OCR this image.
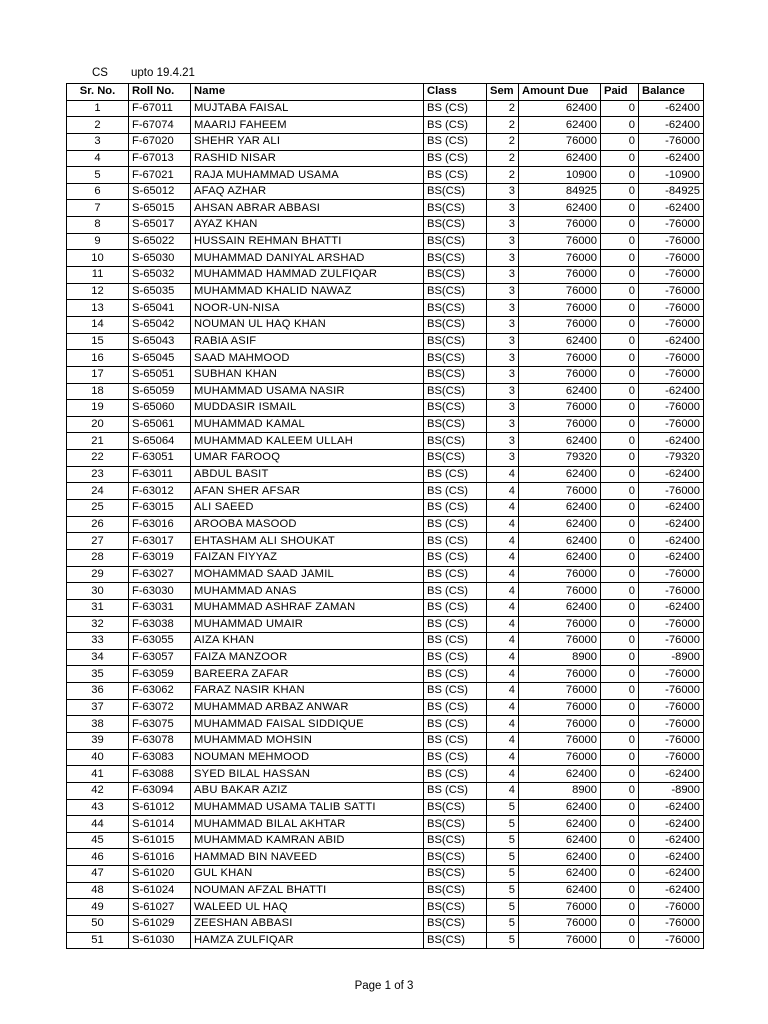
CS upto 19.4.21
Sr. No.	Roll No.	Name	Class	Sem	Amount Due	Paid	Balance
1	F-67011	MUJTABA FAISAL	BS (CS)	2	62400	0	-62400
2	F-67074	MAARIJ FAHEEM	BS (CS)	2	62400	0	-62400
3	F-67020	SHEHR YAR ALI	BS (CS)	2	76000	0	-76000
4	F-67013	RASHID NISAR	BS (CS)	2	62400	0	-62400
5	F-67021	RAJA MUHAMMAD USAMA	BS (CS)	2	10900	0	-10900
6	S-65012	AFAQ AZHAR	BS(CS)	3	84925	0	-84925
7	S-65015	AHSAN ABRAR ABBASI	BS(CS)	3	62400	0	-62400
8	S-65017	AYAZ KHAN	BS(CS)	3	76000	0	-76000
9	S-65022	HUSSAIN REHMAN BHATTI	BS(CS)	3	76000	0	-76000
10	S-65030	MUHAMMAD DANIYAL ARSHAD	BS(CS)	3	76000	0	-76000
11	S-65032	MUHAMMAD HAMMAD ZULFIQAR	BS(CS)	3	76000	0	-76000
12	S-65035	MUHAMMAD KHALID NAWAZ	BS(CS)	3	76000	0	-76000
13	S-65041	NOOR-UN-NISA	BS(CS)	3	76000	0	-76000
14	S-65042	NOUMAN UL HAQ KHAN	BS(CS)	3	76000	0	-76000
15	S-65043	RABIA ASIF	BS(CS)	3	62400	0	-62400
16	S-65045	SAAD MAHMOOD	BS(CS)	3	76000	0	-76000
17	S-65051	SUBHAN KHAN	BS(CS)	3	76000	0	-76000
18	S-65059	MUHAMMAD USAMA NASIR	BS(CS)	3	62400	0	-62400
19	S-65060	MUDDASIR ISMAIL	BS(CS)	3	76000	0	-76000
20	S-65061	MUHAMMAD KAMAL	BS(CS)	3	76000	0	-76000
21	S-65064	MUHAMMAD KALEEM ULLAH	BS(CS)	3	62400	0	-62400
22	F-63051	UMAR FAROOQ	BS(CS)	3	79320	0	-79320
23	F-63011	ABDUL BASIT	BS (CS)	4	62400	0	-62400
24	F-63012	AFAN SHER AFSAR	BS (CS)	4	76000	0	-76000
25	F-63015	ALI SAEED	BS (CS)	4	62400	0	-62400
26	F-63016	AROOBA MASOOD	BS (CS)	4	62400	0	-62400
27	F-63017	EHTASHAM ALI SHOUKAT	BS (CS)	4	62400	0	-62400
28	F-63019	FAIZAN FIYYAZ	BS (CS)	4	62400	0	-62400
29	F-63027	MOHAMMAD SAAD JAMIL	BS (CS)	4	76000	0	-76000
30	F-63030	MUHAMMAD ANAS	BS (CS)	4	76000	0	-76000
31	F-63031	MUHAMMAD ASHRAF ZAMAN	BS (CS)	4	62400	0	-62400
32	F-63038	MUHAMMAD UMAIR	BS (CS)	4	76000	0	-76000
33	F-63055	AIZA KHAN	BS (CS)	4	76000	0	-76000
34	F-63057	FAIZA MANZOOR	BS (CS)	4	8900	0	-8900
35	F-63059	BAREERA ZAFAR	BS (CS)	4	76000	0	-76000
36	F-63062	FARAZ NASIR KHAN	BS (CS)	4	76000	0	-76000
37	F-63072	MUHAMMAD ARBAZ ANWAR	BS (CS)	4	76000	0	-76000
38	F-63075	MUHAMMAD FAISAL SIDDIQUE	BS (CS)	4	76000	0	-76000
39	F-63078	MUHAMMAD MOHSIN	BS (CS)	4	76000	0	-76000
40	F-63083	NOUMAN MEHMOOD	BS (CS)	4	76000	0	-76000
41	F-63088	SYED BILAL HASSAN	BS (CS)	4	62400	0	-62400
42	F-63094	ABU BAKAR AZIZ	BS (CS)	4	8900	0	-8900
43	S-61012	MUHAMMAD USAMA TALIB SATTI	BS(CS)	5	62400	0	-62400
44	S-61014	MUHAMMAD BILAL AKHTAR	BS(CS)	5	62400	0	-62400
45	S-61015	MUHAMMAD KAMRAN ABID	BS(CS)	5	62400	0	-62400
46	S-61016	HAMMAD BIN NAVEED	BS(CS)	5	62400	0	-62400
47	S-61020	GUL KHAN	BS(CS)	5	62400	0	-62400
48	S-61024	NOUMAN AFZAL BHATTI	BS(CS)	5	62400	0	-62400
49	S-61027	WALEED UL HAQ	BS(CS)	5	76000	0	-76000
50	S-61029	ZEESHAN ABBASI	BS(CS)	5	76000	0	-76000
51	S-61030	HAMZA ZULFIQAR	BS(CS)	5	76000	0	-76000
Page 1 of 3
